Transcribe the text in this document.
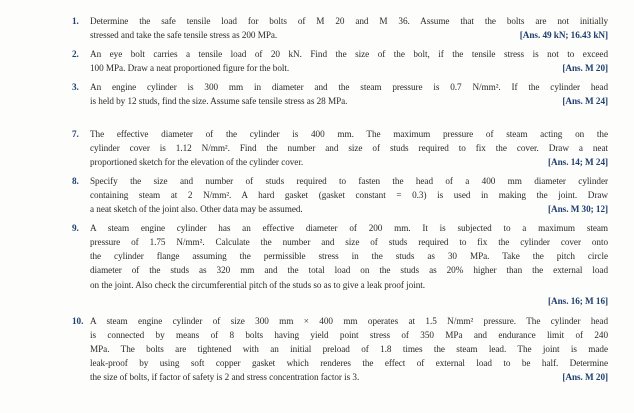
1.	Determine the safe tensile load for bolts of M 20 and M 36. Assume that the bolts are not initially
stressed and take the safe tensile stress as 200 MPa.	[Ans. 49 kN; 16.43 kN]
2.	An eye bolt carries a tensile load of 20 kN. Find the size of the bolt, if the tensile stress is not to exceed
100 MPa. Draw a neat proportioned figure for the bolt.	[Ans. M 20]
3.	An engine cylinder is 300 mm in diameter and the steam pressure is 0.7 N/mm². If the cylinder head
is held by 12 studs, find the size. Assume safe tensile stress as 28 MPa.	[Ans. M 24]
7.	The effective diameter of the cylinder is 400 mm. The maximum pressure of steam acting on the
cylinder cover is 1.12 N/mm². Find the number and size of studs required to fix the cover. Draw a neat
proportioned sketch for the elevation of the cylinder cover.	[Ans. 14; M 24]
8.	Specify the size and number of studs required to fasten the head of a 400 mm diameter cylinder
containing steam at 2 N/mm². A hard gasket (gasket constant = 0.3) is used in making the joint. Draw
a neat sketch of the joint also. Other data may be assumed.	[Ans. M 30; 12]
9.	A steam engine cylinder has an effective diameter of 200 mm. It is subjected to a maximum steam
pressure of 1.75 N/mm². Calculate the number and size of studs required to fix the cylinder cover onto
the cylinder flange assuming the permissible stress in the studs as 30 MPa. Take the pitch circle
diameter of the studs as 320 mm and the total load on the studs as 20% higher than the external load
on the joint. Also check the circumferential pitch of the studs so as to give a leak proof joint.
[Ans. 16; M 16]
10. A steam engine cylinder of size 300 mm × 400 mm operates at 1.5 N/mm² pressure. The cylinder head
is connected by means of 8 bolts having yield point stress of 350 MPa and endurance limit of 240
MPa. The bolts are tightened with an initial preload of 1.8 times the steam lead. The joint is made
leak-proof by using soft copper gasket which renderes the effect of external load to be half. Determine
the size of bolts, if factor of safety is 2 and stress concentration factor is 3.	[Ans. M 20]
